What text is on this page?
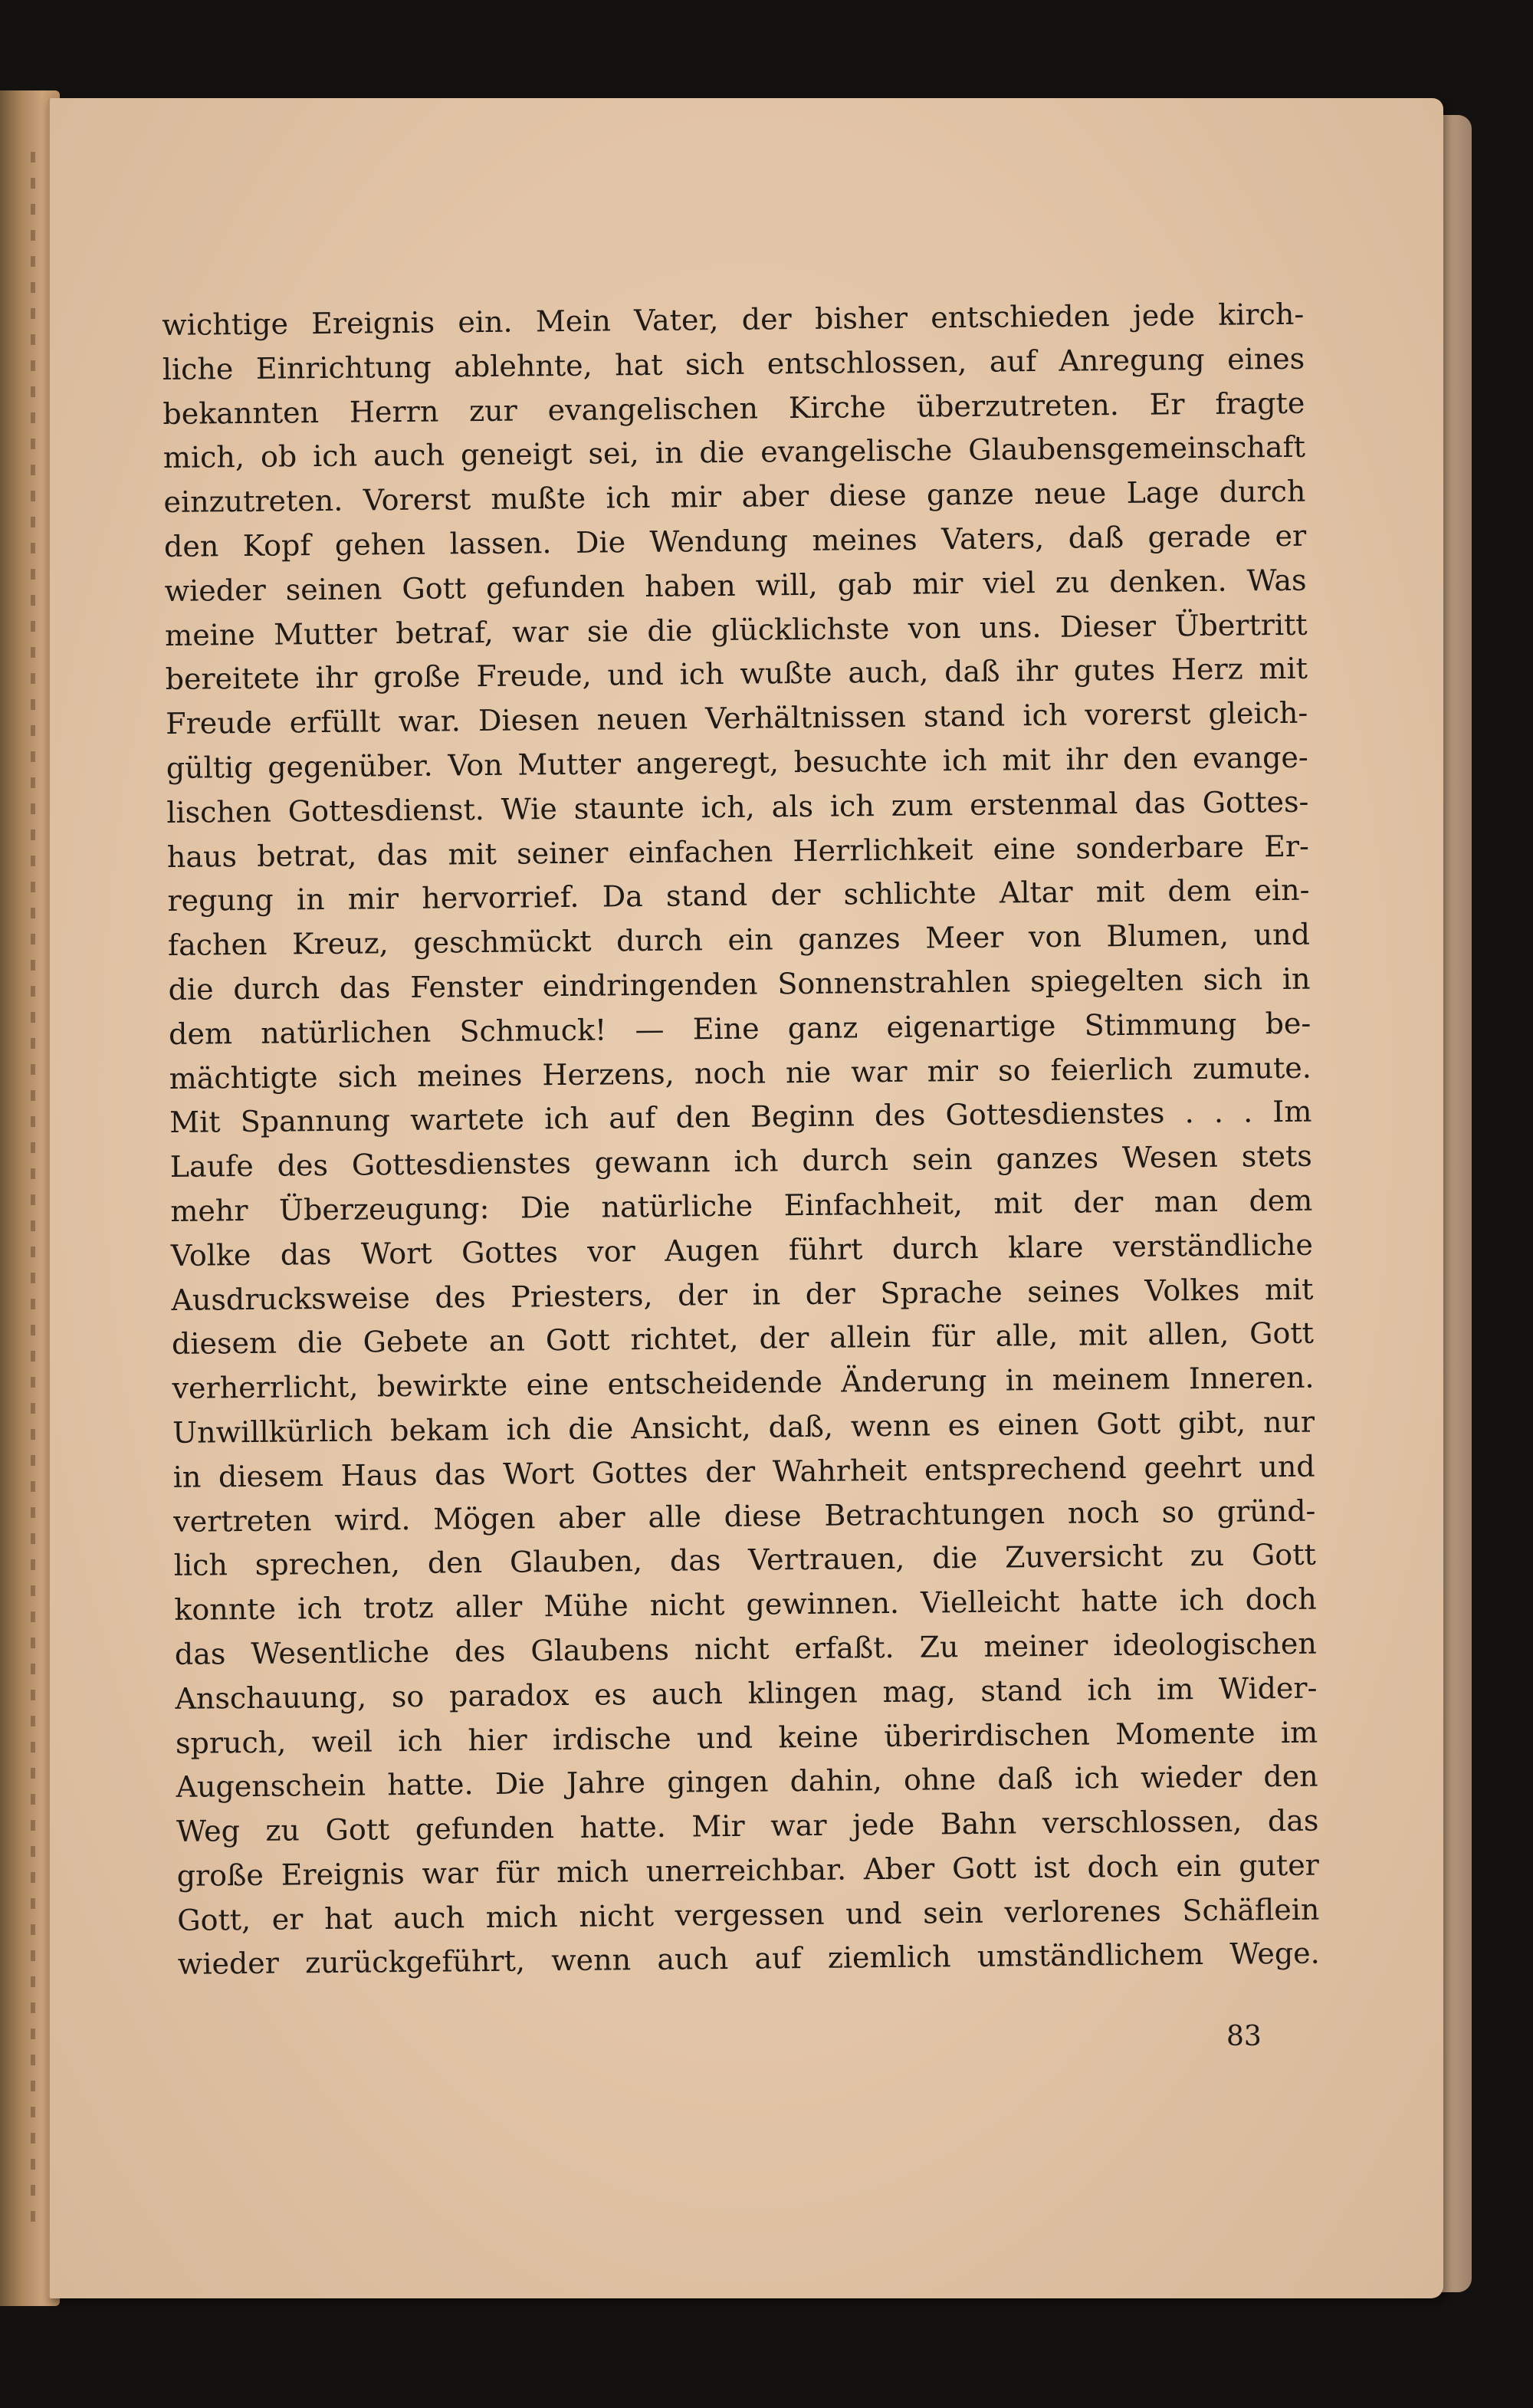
wichtige Ereignis ein. Mein Vater, der bisher entschieden jede kirch-
liche Einrichtung ablehnte, hat sich entschlossen, auf Anregung eines
bekannten Herrn zur evangelischen Kirche überzutreten. Er fragte
mich, ob ich auch geneigt sei, in die evangelische Glaubensgemeinschaft
einzutreten. Vorerst mußte ich mir aber diese ganze neue Lage durch
den Kopf gehen lassen. Die Wendung meines Vaters, daß gerade er
wieder seinen Gott gefunden haben will, gab mir viel zu denken. Was
meine Mutter betraf, war sie die glücklichste von uns. Dieser Übertritt
bereitete ihr große Freude, und ich wußte auch, daß ihr gutes Herz mit
Freude erfüllt war. Diesen neuen Verhältnissen stand ich vorerst gleich-
gültig gegenüber. Von Mutter angeregt, besuchte ich mit ihr den evange-
lischen Gottesdienst. Wie staunte ich, als ich zum erstenmal das Gottes-
haus betrat, das mit seiner einfachen Herrlichkeit eine sonderbare Er-
regung in mir hervorrief. Da stand der schlichte Altar mit dem ein-
fachen Kreuz, geschmückt durch ein ganzes Meer von Blumen, und
die durch das Fenster eindringenden Sonnenstrahlen spiegelten sich in
dem natürlichen Schmuck! — Eine ganz eigenartige Stimmung be-
mächtigte sich meines Herzens, noch nie war mir so feierlich zumute.
Mit Spannung wartete ich auf den Beginn des Gottesdienstes . . . Im
Laufe des Gottesdienstes gewann ich durch sein ganzes Wesen stets
mehr Überzeugung: Die natürliche Einfachheit, mit der man dem
Volke das Wort Gottes vor Augen führt durch klare verständliche
Ausdrucksweise des Priesters, der in der Sprache seines Volkes mit
diesem die Gebete an Gott richtet, der allein für alle, mit allen, Gott
verherrlicht, bewirkte eine entscheidende Änderung in meinem Inneren.
Unwillkürlich bekam ich die Ansicht, daß, wenn es einen Gott gibt, nur
in diesem Haus das Wort Gottes der Wahrheit entsprechend geehrt und
vertreten wird. Mögen aber alle diese Betrachtungen noch so gründ-
lich sprechen, den Glauben, das Vertrauen, die Zuversicht zu Gott
konnte ich trotz aller Mühe nicht gewinnen. Vielleicht hatte ich doch
das Wesentliche des Glaubens nicht erfaßt. Zu meiner ideologischen
Anschauung, so paradox es auch klingen mag, stand ich im Wider-
spruch, weil ich hier irdische und keine überirdischen Momente im
Augenschein hatte. Die Jahre gingen dahin, ohne daß ich wieder den
Weg zu Gott gefunden hatte. Mir war jede Bahn verschlossen, das
große Ereignis war für mich unerreichbar. Aber Gott ist doch ein guter
Gott, er hat auch mich nicht vergessen und sein verlorenes Schäflein
wieder zurückgeführt, wenn auch auf ziemlich umständlichem Wege.
83
